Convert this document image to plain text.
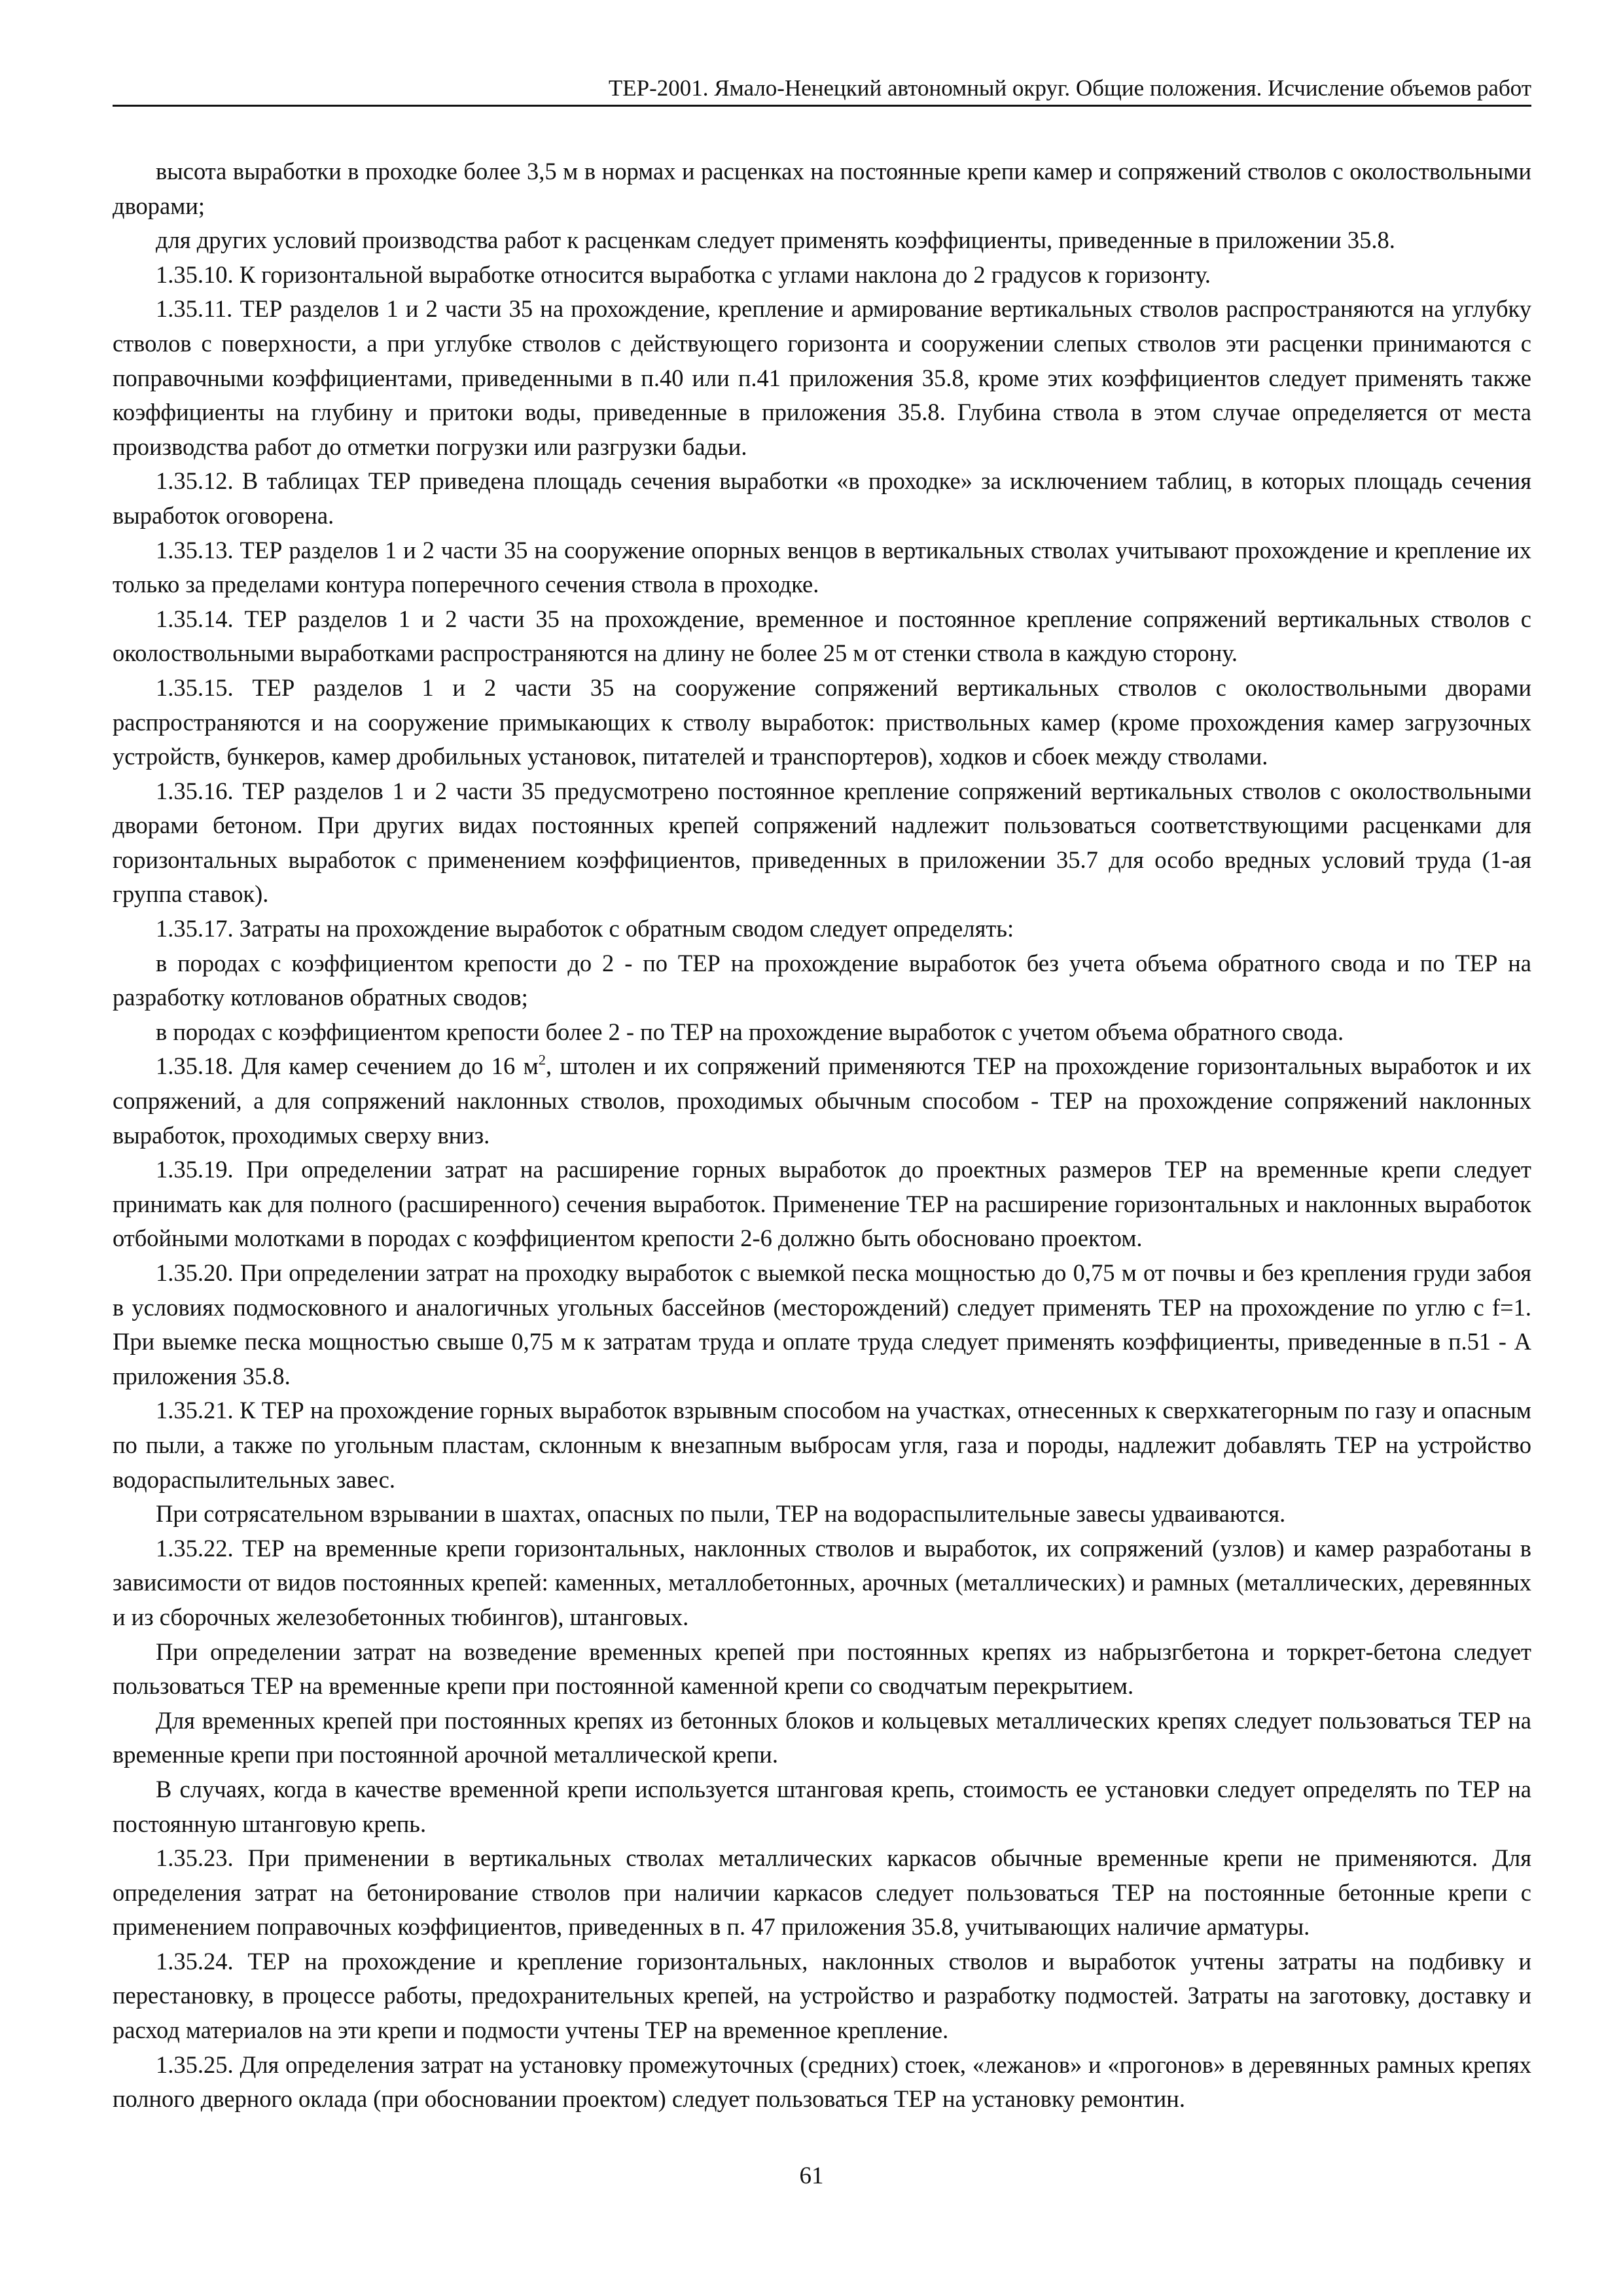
ТЕР-2001. Ямало-Ненецкий автономный округ. Общие положения. Исчисление объемов работ

высота выработки в проходке более 3,5 м в нормах и расценках на постоянные крепи камер и сопряжений стволов с околоствольными дворами;

для других условий производства работ к расценкам следует применять коэффициенты, приведенные в приложении 35.8.

1.35.10. К горизонтальной выработке относится выработка с углами наклона до 2 градусов к горизонту.

1.35.11. ТЕР разделов 1 и 2 части 35 на прохождение, крепление и армирование вертикальных стволов распространяются на углубку стволов с поверхности, а при углубке стволов с действующего горизонта и сооружении слепых стволов эти расценки принимаются с поправочными коэффициентами, приведенными в п.40 или п.41 приложения 35.8, кроме этих коэффициентов следует применять также коэффициенты на глубину и притоки воды, приведенные в приложения 35.8. Глубина ствола в этом случае определяется от места производства работ до отметки погрузки или разгрузки бадьи.

1.35.12. В таблицах ТЕР приведена площадь сечения выработки «в проходке» за исключением таблиц, в которых площадь сечения выработок оговорена.

1.35.13. ТЕР разделов 1 и 2 части 35 на сооружение опорных венцов в вертикальных стволах учитывают прохождение и крепление их только за пределами контура поперечного сечения ствола в проходке.

1.35.14. ТЕР разделов 1 и 2 части 35 на прохождение, временное и постоянное крепление сопряжений вертикальных стволов с околоствольными выработками распространяются на длину не более 25 м от стенки ствола в каждую сторону.

1.35.15. ТЕР разделов 1 и 2 части 35 на сооружение сопряжений вертикальных стволов с околоствольными дворами распространяются и на сооружение примыкающих к стволу выработок: приствольных камер (кроме прохождения камер загрузочных устройств, бункеров, камер дробильных установок, питателей и транспортеров), ходков и сбоек между стволами.

1.35.16. ТЕР разделов 1 и 2 части 35 предусмотрено постоянное крепление сопряжений вертикальных стволов с околоствольными дворами бетоном. При других видах постоянных крепей сопряжений надлежит пользоваться соответствующими расценками для горизонтальных выработок с применением коэффициентов, приведенных в приложении 35.7 для особо вредных условий труда (1-ая группа ставок).

1.35.17. Затраты на прохождение выработок с обратным сводом следует определять:

в породах с коэффициентом крепости до 2 - по ТЕР на прохождение выработок без учета объема обратного свода и по ТЕР на разработку котлованов обратных сводов;

в породах с коэффициентом крепости более 2 - по ТЕР на прохождение выработок с учетом объема обратного свода.

1.35.18. Для камер сечением до 16 $м^2$, штолен и их сопряжений применяются ТЕР на прохождение горизонтальных выработок и их сопряжений, а для сопряжений наклонных стволов, проходимых обычным способом - ТЕР на прохождение сопряжений наклонных выработок, проходимых сверху вниз.

1.35.19. При определении затрат на расширение горных выработок до проектных размеров ТЕР на временные крепи следует принимать как для полного (расширенного) сечения выработок. Применение ТЕР на расширение горизонтальных и наклонных выработок отбойными молотками в породах с коэффициентом крепости 2-6 должно быть обосновано проектом.

1.35.20. При определении затрат на проходку выработок с выемкой песка мощностью до 0,75 м от почвы и без крепления груди забоя в условиях подмосковного и аналогичных угольных бассейнов (месторождений) следует применять ТЕР на прохождение по углю с f=1. При выемке песка мощностью свыше 0,75 м к затратам труда и оплате труда следует применять коэффициенты, приведенные в п.51 - А приложения 35.8.

1.35.21. К ТЕР на прохождение горных выработок взрывным способом на участках, отнесенных к сверхкатегорным по газу и опасным по пыли, а также по угольным пластам, склонным к внезапным выбросам угля, газа и породы, надлежит добавлять ТЕР на устройство водораспылительных завес.

При сотрясательном взрывании в шахтах, опасных по пыли, ТЕР на водораспылительные завесы удваиваются.

1.35.22. ТЕР на временные крепи горизонтальных, наклонных стволов и выработок, их сопряжений (узлов) и камер разработаны в зависимости от видов постоянных крепей: каменных, металлобетонных, арочных (металлических) и рамных (металлических, деревянных и из сборочных железобетонных тюбингов), штанговых.

При определении затрат на возведение временных крепей при постоянных крепях из набрызгбетона и торкрет-бетона следует пользоваться ТЕР на временные крепи при постоянной каменной крепи со сводчатым перекрытием.

Для временных крепей при постоянных крепях из бетонных блоков и кольцевых металлических крепях следует пользоваться ТЕР на временные крепи при постоянной арочной металлической крепи.

В случаях, когда в качестве временной крепи используется штанговая крепь, стоимость ее установки следует определять по ТЕР на постоянную штанговую крепь.

1.35.23. При применении в вертикальных стволах металлических каркасов обычные временные крепи не применяются. Для определения затрат на бетонирование стволов при наличии каркасов следует пользоваться ТЕР на постоянные бетонные крепи с применением поправочных коэффициентов, приведенных в п. 47 приложения 35.8, учитывающих наличие арматуры.

1.35.24. ТЕР на прохождение и крепление горизонтальных, наклонных стволов и выработок учтены затраты на подбивку и перестановку, в процессе работы, предохранительных крепей, на устройство и разработку подмостей. Затраты на заготовку, доставку и расход материалов на эти крепи и подмости учтены ТЕР на временное крепление.

1.35.25. Для определения затрат на установку промежуточных (средних) стоек, «лежанов» и «прогонов» в деревянных рамных крепях полного дверного оклада (при обосновании проектом) следует пользоваться ТЕР на установку ремонтин.

61
